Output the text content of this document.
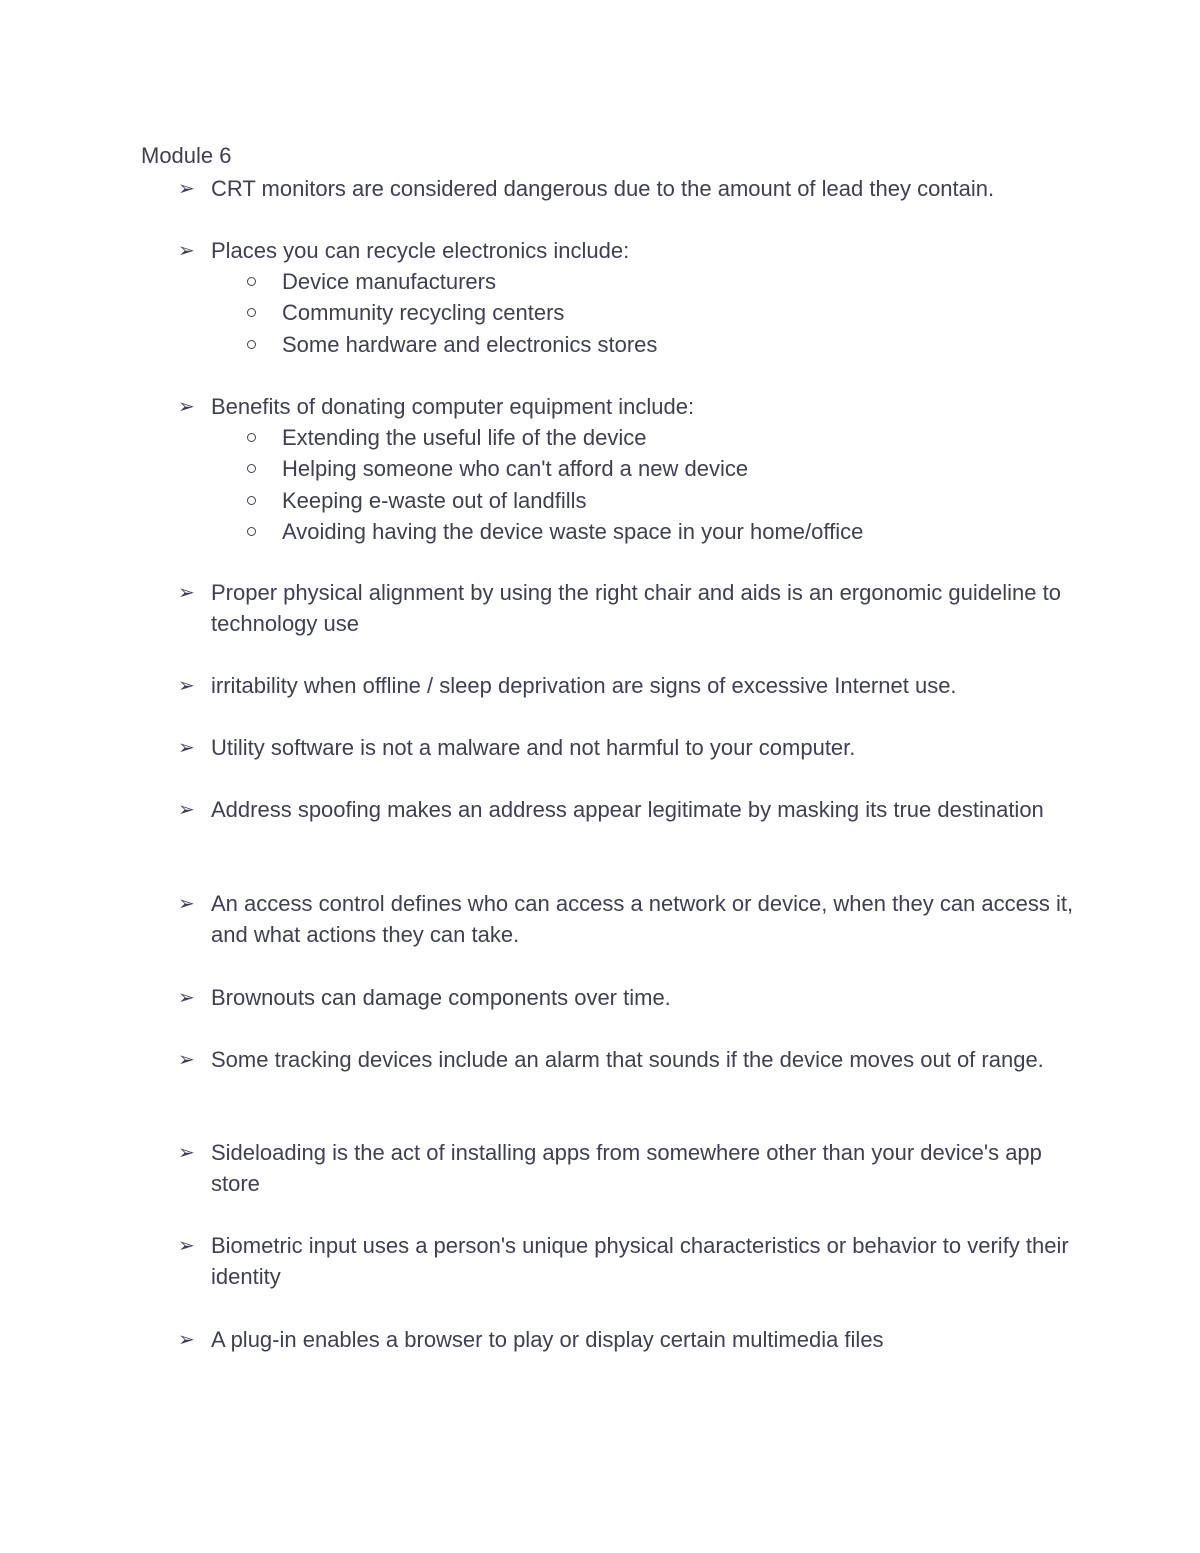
Module 6
➢ CRT monitors are considered dangerous due to the amount of lead they contain.
➢ Places you can recycle electronics include:
Device manufacturers
Community recycling centers
Some hardware and electronics stores
➢ Benefits of donating computer equipment include:
Extending the useful life of the device
Helping someone who can't afford a new device
Keeping e-waste out of landfills
Avoiding having the device waste space in your home/office
➢ Proper physical alignment by using the right chair and aids is an ergonomic guideline to technology use
➢ irritability when offline / sleep deprivation are signs of excessive Internet use.
➢ Utility software is not a malware and not harmful to your computer.
➢ Address spoofing makes an address appear legitimate by masking its true destination
➢ An access control defines who can access a network or device, when they can access it, and what actions they can take.
➢ Brownouts can damage components over time.
➢ Some tracking devices include an alarm that sounds if the device moves out of range.
➢ Sideloading is the act of installing apps from somewhere other than your device's app store
➢ Biometric input uses a person's unique physical characteristics or behavior to verify their identity
➢ A plug-in enables a browser to play or display certain multimedia files
